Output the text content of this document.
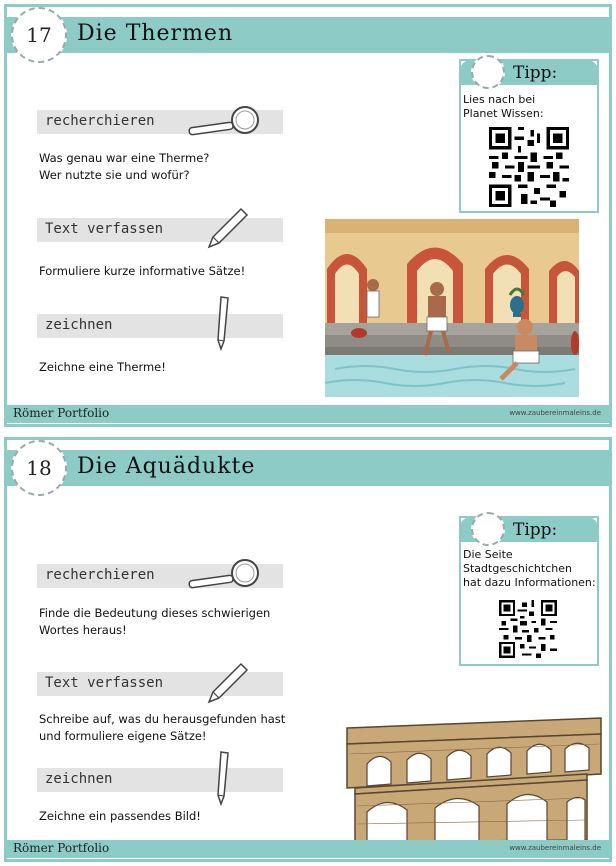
17 Die Thermen
recherchieren
Was genau war eine Therme?
Wer nutzte sie und wofür?
Text verfassen
Formuliere kurze informative Sätze!
zeichnen
Zeichne eine Therme!
Tipp:
Lies nach bei
Planet Wissen:
Römer Portfolio	www.zaubereinmaleins.de
18 Die Aquädukte
recherchieren
Finde die Bedeutung dieses schwierigen
Wortes heraus!
Text verfassen
Schreibe auf, was du herausgefunden hast
und formuliere eigene Sätze!
zeichnen
Zeichne ein passendes Bild!
Tipp:
Die Seite
Stadtgeschichtchen
hat dazu Informationen:
Römer Portfolio	www.zaubereinmaleins.de
